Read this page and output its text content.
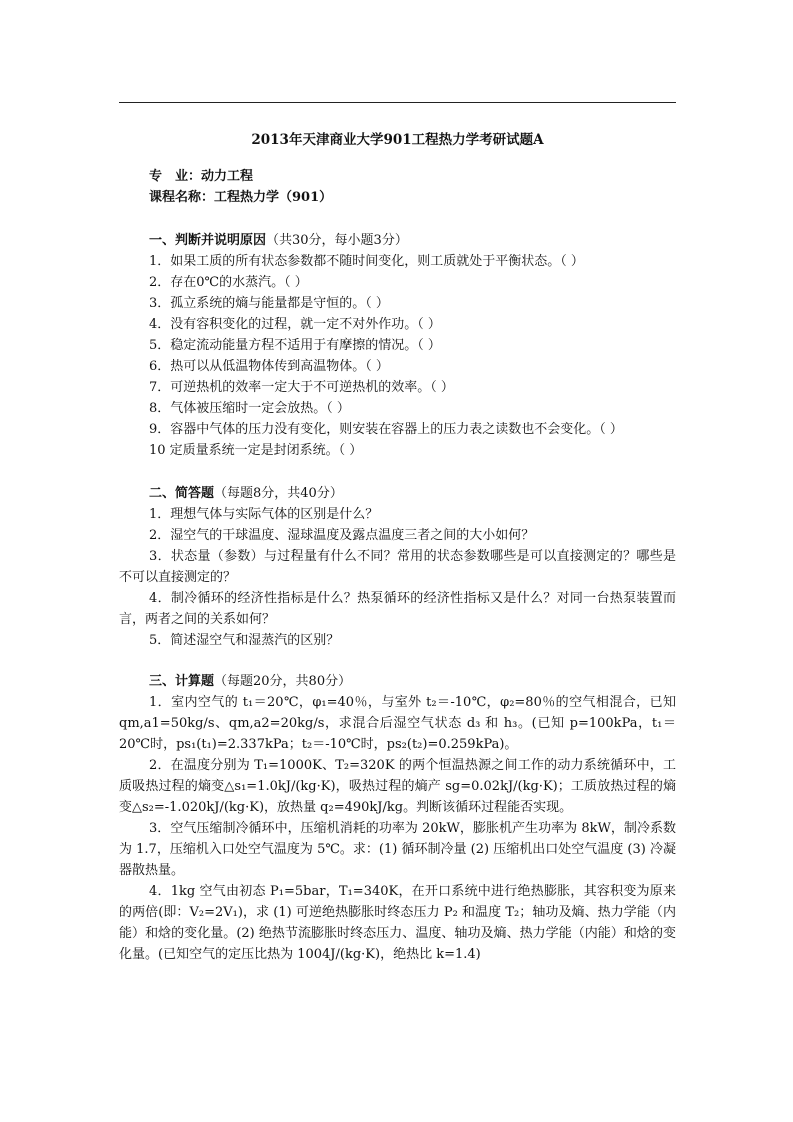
2013年天津商业大学901工程热力学考研试题A
专　业：动力工程
课程名称：工程热力学（901）
一、判断并说明原因（共30分，每小题3分）
1．如果工质的所有状态参数都不随时间变化，则工质就处于平衡状态。（ ）
2．存在0℃的水蒸汽。（ ）
3．孤立系统的熵与能量都是守恒的。（ ）
4．没有容积变化的过程，就一定不对外作功。（ ）
5．稳定流动能量方程不适用于有摩擦的情况。（ ）
6．热可以从低温物体传到高温物体。（ ）
7．可逆热机的效率一定大于不可逆热机的效率。（ ）
8．气体被压缩时一定会放热。（ ）
9．容器中气体的压力没有变化，则安装在容器上的压力表之读数也不会变化。（ ）
10 定质量系统一定是封闭系统。（ ）
二、简答题（每题8分，共40分）
1．理想气体与实际气体的区别是什么？
2．湿空气的干球温度、湿球温度及露点温度三者之间的大小如何？
3．状态量（参数）与过程量有什么不同？常用的状态参数哪些是可以直接测定的？哪些是不可以直接测定的？
4．制冷循环的经济性指标是什么？热泵循环的经济性指标又是什么？对同一台热泵装置而言，两者之间的关系如何？
5．简述湿空气和湿蒸汽的区别？
三、计算题（每题20分，共80分）
1．室内空气的 t₁＝20℃，φ₁=40％，与室外 t₂＝-10℃，φ₂=80％的空气相混合，已知 qm,a1=50kg/s、qm,a2=20kg/s，求混合后湿空气状态 d₃ 和 h₃。(已知 p=100kPa，t₁＝20℃时，ps₁(t₁)=2.337kPa；t₂＝-10℃时，ps₂(t₂)=0.259kPa)。
2．在温度分别为 T₁=1000K、T₂=320K 的两个恒温热源之间工作的动力系统循环中，工质吸热过程的熵变△s₁=1.0kJ/(kg·K)，吸热过程的熵产 sg=0.02kJ/(kg·K)；工质放热过程的熵变△s₂=-1.020kJ/(kg·K)，放热量 q₂=490kJ/kg。判断该循环过程能否实现。
3．空气压缩制冷循环中，压缩机消耗的功率为 20kW，膨胀机产生功率为 8kW，制冷系数为 1.7，压缩机入口处空气温度为 5℃。求：(1) 循环制冷量 (2) 压缩机出口处空气温度 (3) 冷凝器散热量。
4．1kg 空气由初态 P₁=5bar，T₁=340K，在开口系统中进行绝热膨胀，其容积变为原来的两倍(即：V₂=2V₁)，求 (1) 可逆绝热膨胀时终态压力 P₂ 和温度 T₂；轴功及熵、热力学能（内能）和焓的变化量。(2) 绝热节流膨胀时终态压力、温度、轴功及熵、热力学能（内能）和焓的变化量。(已知空气的定压比热为 1004J/(kg·K)，绝热比 k=1.4)
